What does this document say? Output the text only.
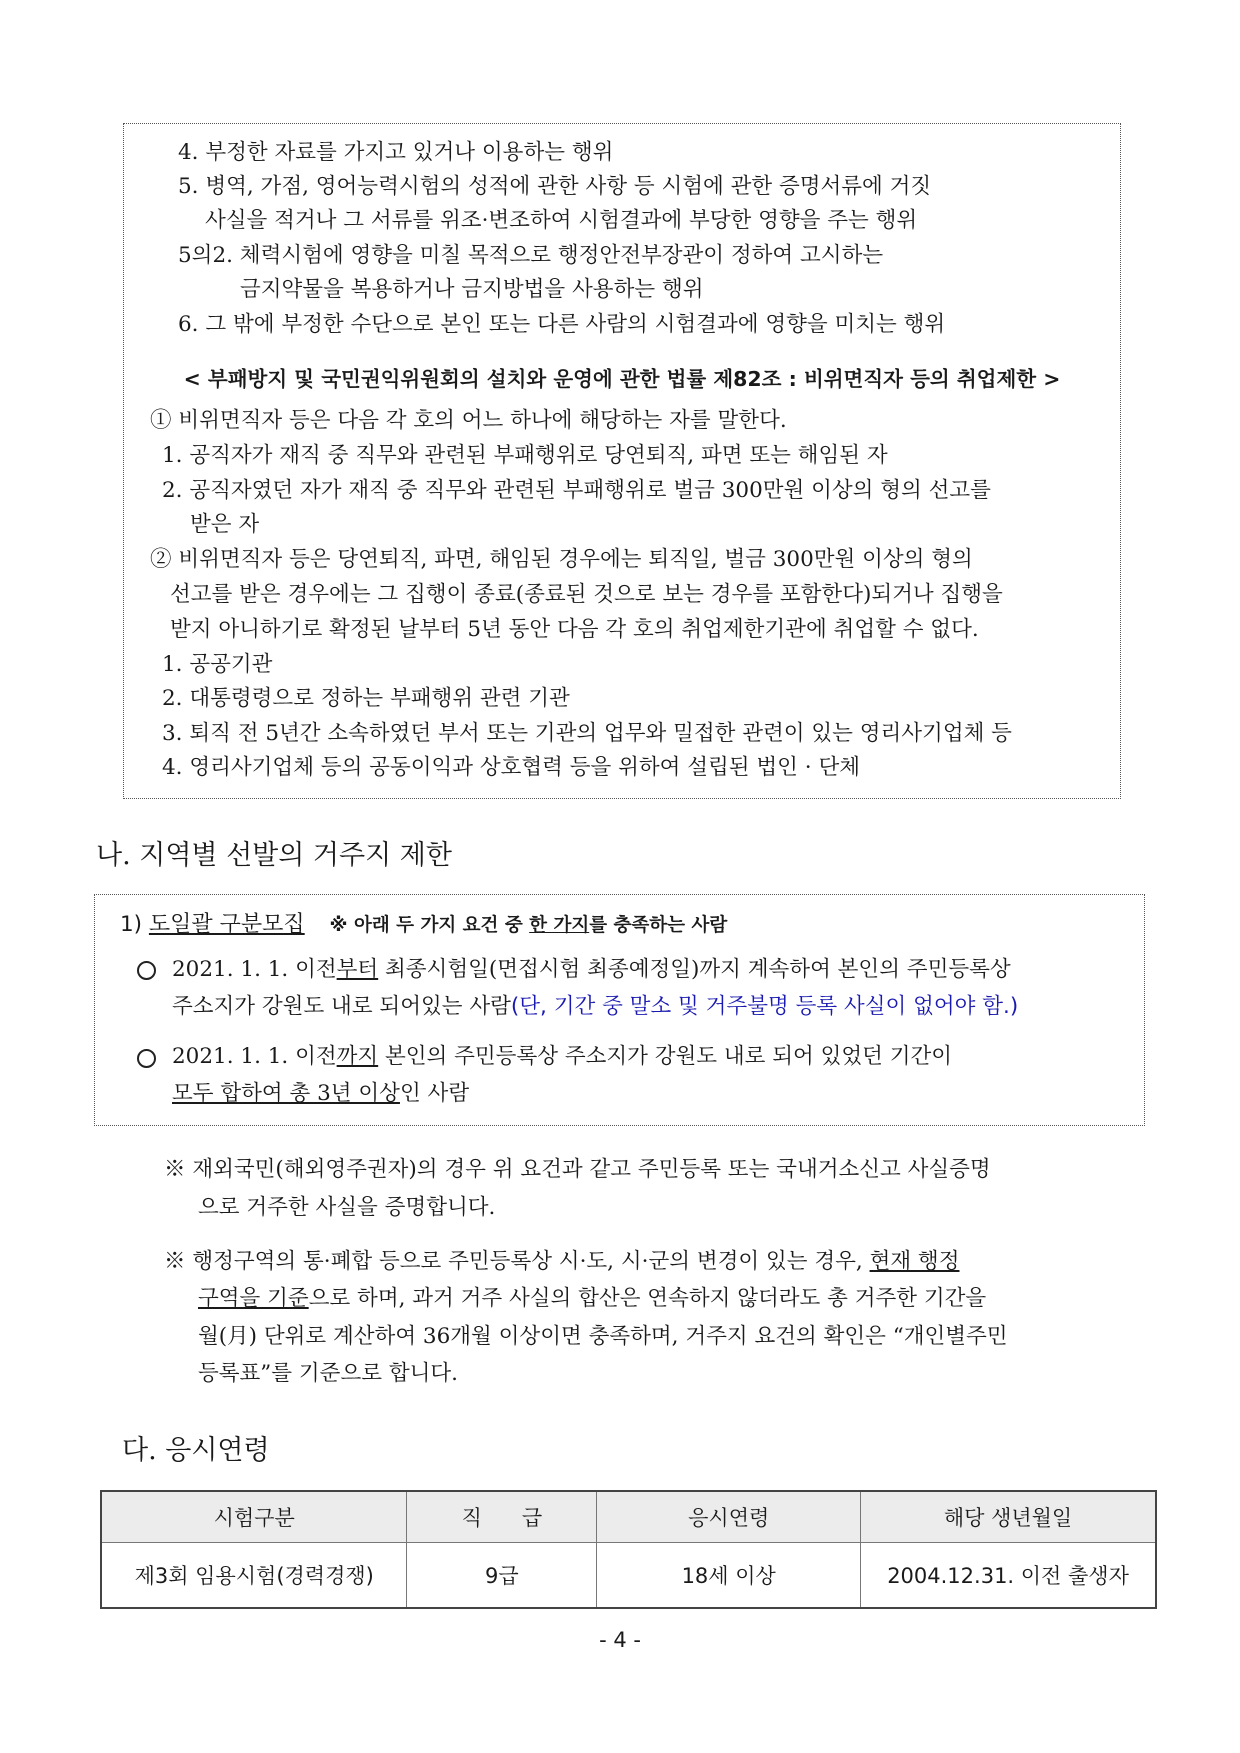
4. 부정한 자료를 가지고 있거나 이용하는 행위
5. 병역, 가점, 영어능력시험의 성적에 관한 사항 등 시험에 관한 증명서류에 거짓
사실을 적거나 그 서류를 위조·변조하여 시험결과에 부당한 영향을 주는 행위
5의2. 체력시험에 영향을 미칠 목적으로 행정안전부장관이 정하여 고시하는
금지약물을 복용하거나 금지방법을 사용하는 행위
6. 그 밖에 부정한 수단으로 본인 또는 다른 사람의 시험결과에 영향을 미치는 행위
< 부패방지 및 국민권익위원회의 설치와 운영에 관한 법률 제82조 : 비위면직자 등의 취업제한 >
① 비위면직자 등은 다음 각 호의 어느 하나에 해당하는 자를 말한다.
1. 공직자가 재직 중 직무와 관련된 부패행위로 당연퇴직, 파면 또는 해임된 자
2. 공직자였던 자가 재직 중 직무와 관련된 부패행위로 벌금 300만원 이상의 형의 선고를
받은 자
② 비위면직자 등은 당연퇴직, 파면, 해임된 경우에는 퇴직일, 벌금 300만원 이상의 형의
선고를 받은 경우에는 그 집행이 종료(종료된 것으로 보는 경우를 포함한다)되거나 집행을
받지 아니하기로 확정된 날부터 5년 동안 다음 각 호의 취업제한기관에 취업할 수 없다.
1. 공공기관
2. 대통령령으로 정하는 부패행위 관련 기관
3. 퇴직 전 5년간 소속하였던 부서 또는 기관의 업무와 밀접한 관련이 있는 영리사기업체 등
4. 영리사기업체 등의 공동이익과 상호협력 등을 위하여 설립된 법인 · 단체
나. 지역별 선발의 거주지 제한
1) 도일괄 구분모집 ※ 아래 두 가지 요건 중 한 가지를 충족하는 사람
2021. 1. 1. 이전부터 최종시험일(면접시험 최종예정일)까지 계속하여 본인의 주민등록상
주소지가 강원도 내로 되어있는 사람(단, 기간 중 말소 및 거주불명 등록 사실이 없어야 함.)
2021. 1. 1. 이전까지 본인의 주민등록상 주소지가 강원도 내로 되어 있었던 기간이
모두 합하여 총 3년 이상인 사람
※ 재외국민(해외영주권자)의 경우 위 요건과 같고 주민등록 또는 국내거소신고 사실증명
으로 거주한 사실을 증명합니다.
※ 행정구역의 통·폐합 등으로 주민등록상 시·도, 시·군의 변경이 있는 경우, 현재 행정
구역을 기준으로 하며, 과거 거주 사실의 합산은 연속하지 않더라도 총 거주한 기간을
월(月) 단위로 계산하여 36개월 이상이면 충족하며, 거주지 요건의 확인은 “개인별주민
등록표”를 기준으로 합니다.
다. 응시연령
시험구분	직      급	응시연령	해당 생년월일
제3회 임용시험(경력경쟁)	9급	18세 이상	2004.12.31. 이전 출생자
- 4 -
